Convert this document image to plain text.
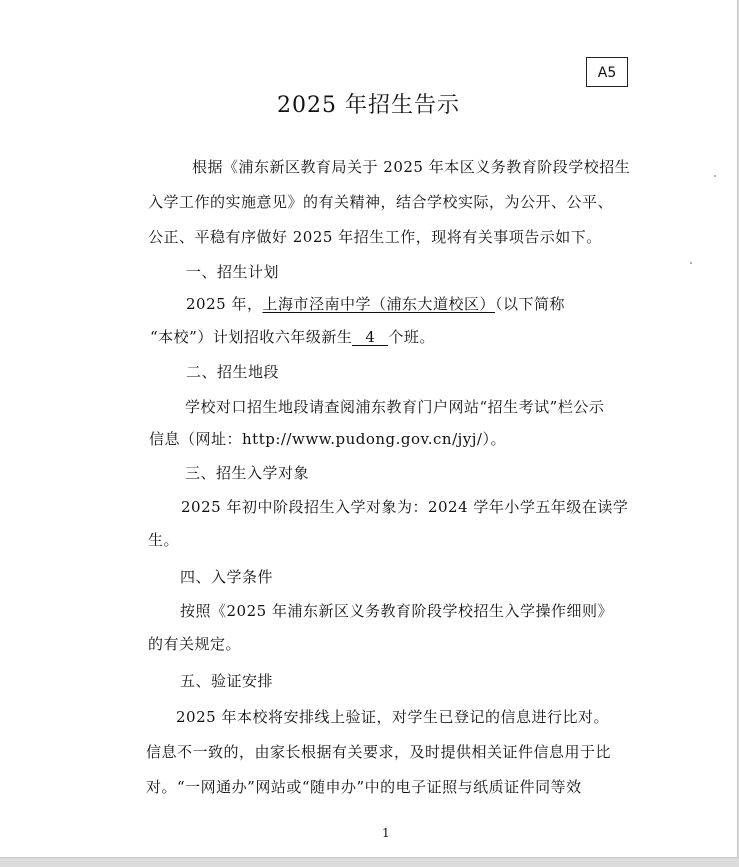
A5
2025 年招生告示
根据《浦东新区教育局关于 2025 年本区义务教育阶段学校招生
入学工作的实施意见》的有关精神，结合学校实际，为公开、公平、
公正、平稳有序做好 2025 年招生工作，现将有关事项告示如下。
一、招生计划
2025 年，上海市泾南中学（浦东大道校区）（以下简称
“本校”）计划招收六年级新生 4 个班。
二、招生地段
学校对口招生地段请查阅浦东教育门户网站“招生考试”栏公示
信息（网址：http://www.pudong.gov.cn/jyj/）。
三、招生入学对象
2025 年初中阶段招生入学对象为：2024 学年小学五年级在读学
生。
四、入学条件
按照《2025 年浦东新区义务教育阶段学校招生入学操作细则》
的有关规定。
五、验证安排
2025 年本校将安排线上验证，对学生已登记的信息进行比对。
信息不一致的，由家长根据有关要求，及时提供相关证件信息用于比
对。“一网通办”网站或“随申办”中的电子证照与纸质证件同等效
1
